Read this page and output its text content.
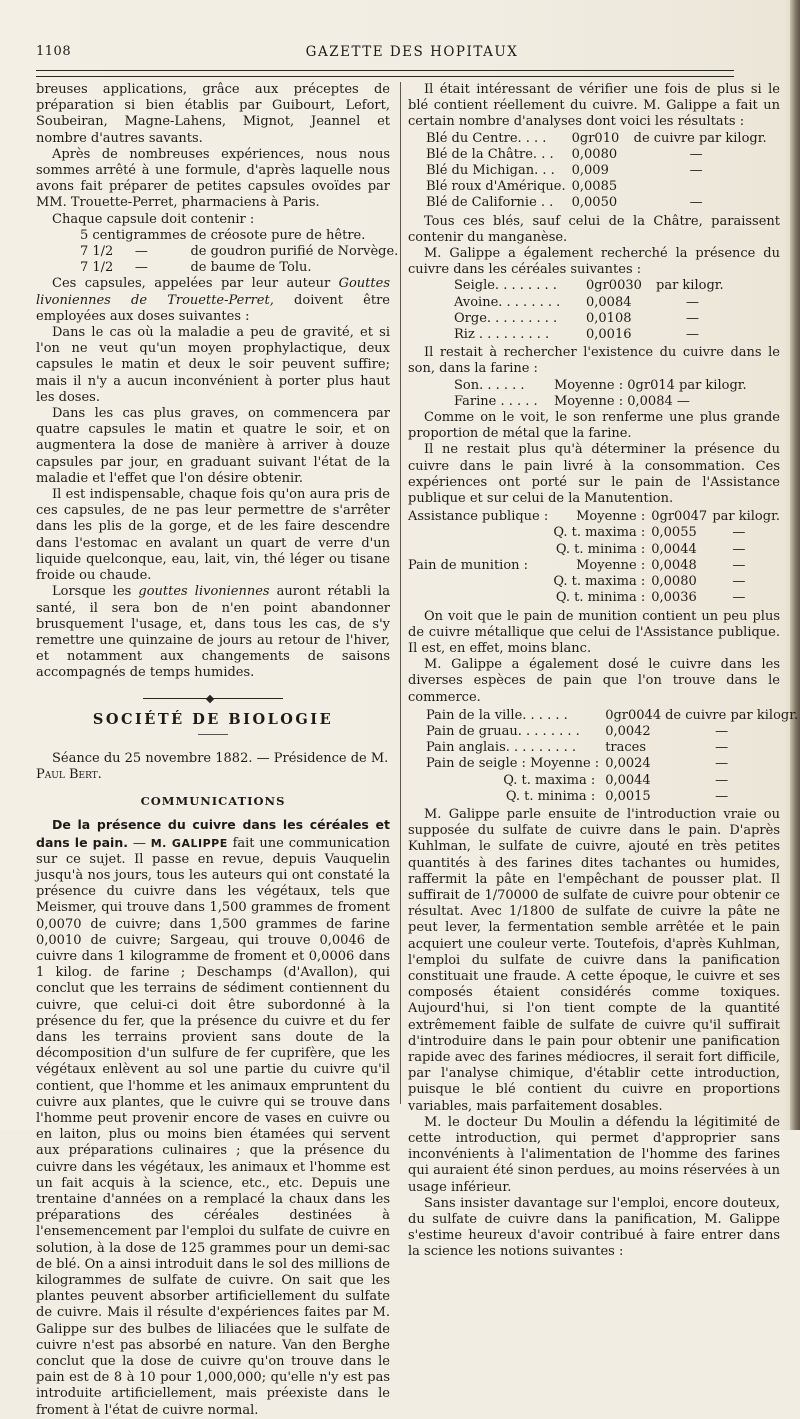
1108	GAZETTE DES HOPITAUX

breuses applications, grâce aux préceptes de préparation si bien établis par Guibourt, Lefort, Soubeiran, Magne-Lahens, Mignot, Jeannel et nombre d'autres savants.

Après de nombreuses expériences, nous nous sommes arrêté à une formule, d'après laquelle nous avons fait préparer de petites capsules ovoïdes par MM. Trouette-Perret, pharmaciens à Paris.

Chaque capsule doit contenir :

5 centigrammes	de créosote pure de hêtre.
7 1/2 —	de goudron purifié de Norvège.
7 1/2 —	de baume de Tolu.

Ces capsules, appelées par leur auteur Gouttes livoniennes de Trouette-Perret, doivent être employées aux doses suivantes :

Dans le cas où la maladie a peu de gravité, et si l'on ne veut qu'un moyen prophylactique, deux capsules le matin et deux le soir peuvent suffire; mais il n'y a aucun inconvénient à porter plus haut les doses.

Dans les cas plus graves, on commencera par quatre capsules le matin et quatre le soir, et on augmentera la dose de manière à arriver à douze capsules par jour, en graduant suivant l'état de la maladie et l'effet que l'on désire obtenir.

Il est indispensable, chaque fois qu'on aura pris de ces capsules, de ne pas leur permettre de s'arrêter dans les plis de la gorge, et de les faire descendre dans l'estomac en avalant un quart de verre d'un liquide quelconque, eau, lait, vin, thé léger ou tisane froide ou chaude.

Lorsque les gouttes livoniennes auront rétabli la santé, il sera bon de n'en point abandonner brusquement l'usage, et, dans tous les cas, de s'y remettre une quinzaine de jours au retour de l'hiver, et notamment aux changements de saisons accompagnés de temps humides.

SOCIÉTÉ DE BIOLOGIE

Séance du 25 novembre 1882. — Présidence de M. Paul Bert.

COMMUNICATIONS

De la présence du cuivre dans les céréales et dans le pain. — M. GALIPPE fait une communication sur ce sujet. Il passe en revue, depuis Vauquelin jusqu'à nos jours, tous les auteurs qui ont constaté la présence du cuivre dans les végétaux, tels que Meismer, qui trouve dans 1,500 grammes de froment 0,0070 de cuivre; dans 1,500 grammes de farine 0,0010 de cuivre; Sargeau, qui trouve 0,0046 de cuivre dans 1 kilogramme de froment et 0,0006 dans 1 kilog. de farine ; Deschamps (d'Avallon), qui conclut que les terrains de sédiment contiennent du cuivre, que celui-ci doit être subordonné à la présence du fer, que la présence du cuivre et du fer dans les terrains provient sans doute de la décomposition d'un sulfure de fer cuprifère, que les végétaux enlèvent au sol une partie du cuivre qu'il contient, que l'homme et les animaux empruntent du cuivre aux plantes, que le cuivre qui se trouve dans l'homme peut provenir encore de vases en cuivre ou en laiton, plus ou moins bien étamées qui servent aux préparations culinaires ; que la présence du cuivre dans les végétaux, les animaux et l'homme est un fait acquis à la science, etc., etc. Depuis une trentaine d'années on a remplacé la chaux dans les préparations des céréales destinées à l'ensemencement par l'emploi du sulfate de cuivre en solution, à la dose de 125 grammes pour un demi-sac de blé. On a ainsi introduit dans le sol des millions de kilogrammes de sulfate de cuivre. On sait que les plantes peuvent absorber artificiellement du sulfate de cuivre. Mais il résulte d'expériences faites par M. Galippe sur des bulbes de liliacées que le sulfate de cuivre n'est pas absorbé en nature. Van den Berghe conclut que la dose de cuivre qu'on trouve dans le pain est de 8 à 10 pour 1,000,000; qu'elle n'y est pas introduite artificiellement, mais préexiste dans le froment à l'état de cuivre normal.

Il était intéressant de vérifier une fois de plus si le blé contient réellement du cuivre. M. Galippe a fait un certain nombre d'analyses dont voici les résultats :

Blé du Centre. . . .	0gr010	de cuivre par kilogr.
Blé de la Châtre. . .	0,0080	—
Blé du Michigan. . .	0,009	—
Blé roux d'Amérique.	0,0085	
Blé de Californie . .	0,0050	—

Tous ces blés, sauf celui de la Châtre, paraissent contenir du manganèse.

M. Galippe a également recherché la présence du cuivre dans les céréales suivantes :

Seigle. . . . . . . .	0gr0030	par kilogr.
Avoine. . . . . . . .	0,0084	—
Orge. . . . . . . . .	0,0108	—
Riz . . . . . . . . .	0,0016	—

Il restait à rechercher l'existence du cuivre dans le son, dans la farine :

Son. . . . . .	Moyenne : 0gr014 par kilogr.
Farine . . . . .	Moyenne : 0,0084 —

Comme on le voit, le son renferme une plus grande proportion de métal que la farine.

Il ne restait plus qu'à déterminer la présence du cuivre dans le pain livré à la consommation. Ces expériences ont porté sur le pain de l'Assistance publique et sur celui de la Manutention.

Assistance publique :	Moyenne :	0gr0047	par kilogr.
	Q. t. maxima :	0,0055	—
	Q. t. minima :	0,0044	—
Pain de munition :	Moyenne :	0,0048	—
	Q. t. maxima :	0,0080	—
	Q. t. minima :	0,0036	—

On voit que le pain de munition contient un peu plus de cuivre métallique que celui de l'Assistance publique. Il est, en effet, moins blanc.

M. Galippe a également dosé le cuivre dans les diverses espèces de pain que l'on trouve dans le commerce.

Pain de la ville. . . . . .	0gr0044	de cuivre par kilogr.
Pain de gruau. . . . . . . .	0,0042	—
Pain anglais. . . . . . . . .	traces	—
Pain de seigle : Moyenne :	0,0024	—
Q. t. maxima :	0,0044	—
Q. t. minima :	0,0015	—

M. Galippe parle ensuite de l'introduction vraie ou supposée du sulfate de cuivre dans le pain. D'après Kuhlman, le sulfate de cuivre, ajouté en très petites quantités à des farines dites tachantes ou humides, raffermit la pâte en l'empêchant de pousser plat. Il suffirait de 1/70000 de sulfate de cuivre pour obtenir ce résultat. Avec 1/1800 de sulfate de cuivre la pâte ne peut lever, la fermentation semble arrêtée et le pain acquiert une couleur verte. Toutefois, d'après Kuhlman, l'emploi du sulfate de cuivre dans la panification constituait une fraude. A cette époque, le cuivre et ses composés étaient considérés comme toxiques. Aujourd'hui, si l'on tient compte de la quantité extrêmement faible de sulfate de cuivre qu'il suffirait d'introduire dans le pain pour obtenir une panification rapide avec des farines médiocres, il serait fort difficile, par l'analyse chimique, d'établir cette introduction, puisque le blé contient du cuivre en proportions variables, mais parfaitement dosables.

M. le docteur Du Moulin a défendu la légitimité de cette introduction, qui permet d'approprier sans inconvénients à l'alimentation de l'homme des farines qui auraient été sinon perdues, au moins réservées à un usage inférieur.

Sans insister davantage sur l'emploi, encore douteux, du sulfate de cuivre dans la panification, M. Galippe s'estime heureux d'avoir contribué à faire entrer dans la science les notions suivantes :
